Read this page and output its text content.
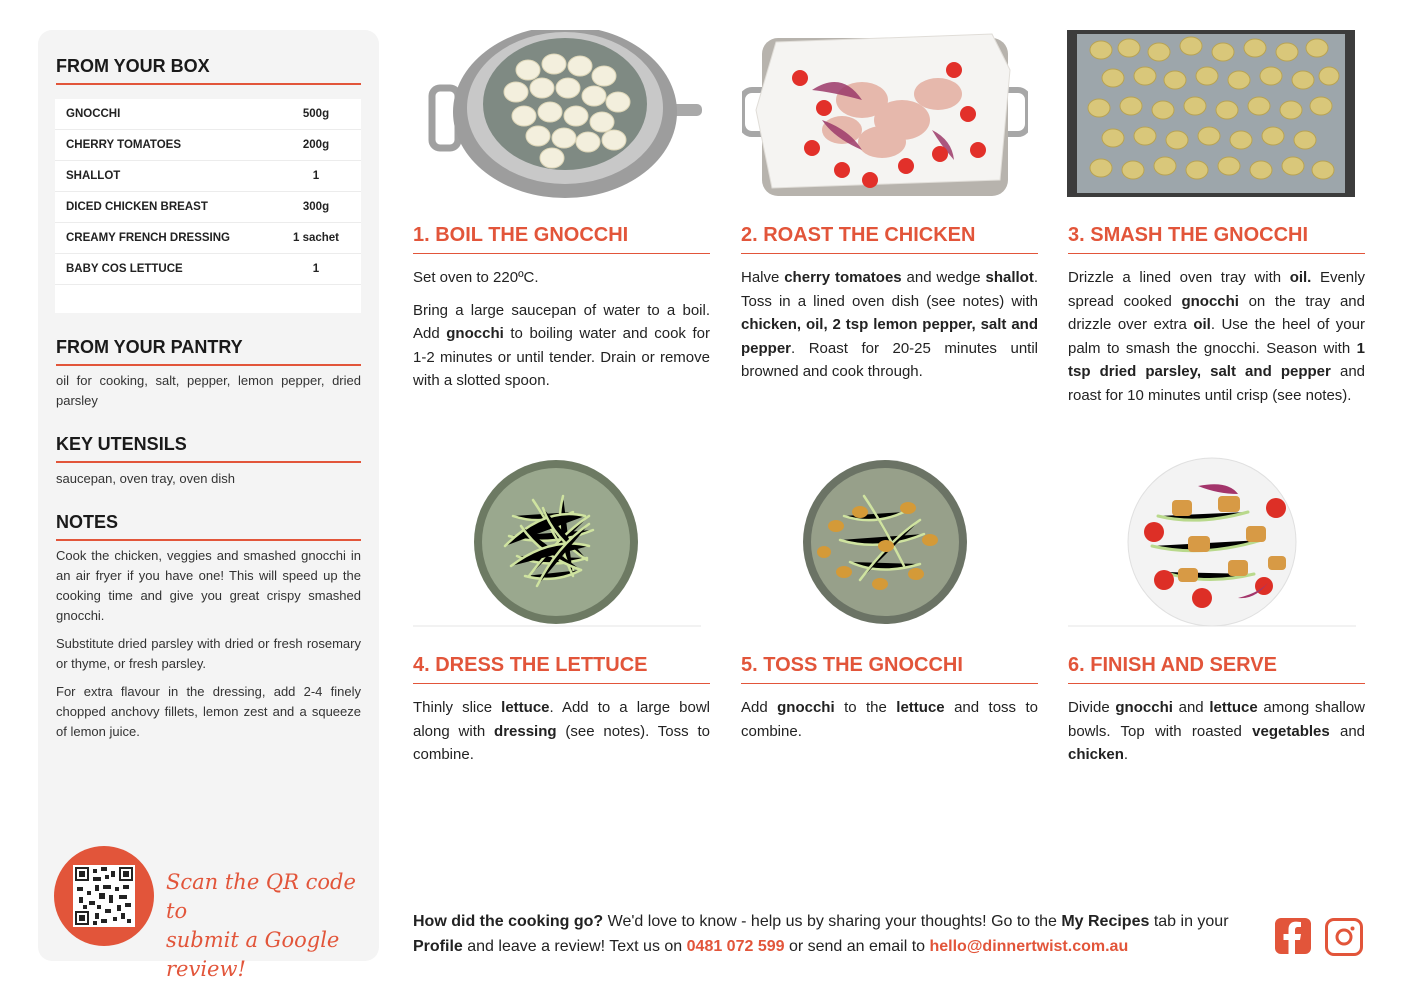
FROM YOUR BOX
GNOCCHI	500g
CHERRY TOMATOES	200g
SHALLOT	1
DICED CHICKEN BREAST	300g
CREAMY FRENCH DRESSING	1 sachet
BABY COS LETTUCE	1
FROM YOUR PANTRY
oil for cooking, salt, pepper, lemon pepper, dried parsley
KEY UTENSILS
saucepan, oven tray, oven dish
NOTES

Cook the chicken, veggies and smashed gnocchi in an air fryer if you have one! This will speed up the cooking time and give you great crispy smashed gnocchi.

Substitute dried parsley with dried or fresh rosemary or thyme, or fresh parsley.

For extra flavour in the dressing, add 2-4 finely chopped anchovy fillets, lemon zest and a squeeze of lemon juice.

Scan the QR code to
submit a Google review!
1. BOIL THE GNOCCHI	2. ROAST THE CHICKEN	3. SMASH THE GNOCCHI
4. DRESS THE LETTUCE	5. TOSS THE GNOCCHI	6. FINISH AND SERVE

Set oven to 220ºC.

Bring a large saucepan of water to a boil. Add gnocchi to boiling water and cook for 1-2 minutes or until tender. Drain or remove with a slotted spoon.

Halve cherry tomatoes and wedge shallot. Toss in a lined oven dish (see notes) with chicken, oil, 2 tsp lemon pepper, salt and pepper. Roast for 20-25 minutes until browned and cook through.

Drizzle a lined oven tray with oil. Evenly spread cooked gnocchi on the tray and drizzle over extra oil. Use the heel of your palm to smash the gnocchi. Season with 1 tsp dried parsley, salt and pepper and roast for 10 minutes until crisp (see notes).

Thinly slice lettuce. Add to a large bowl along with dressing (see notes). Toss to combine.

Add gnocchi to the lettuce and toss to combine.

Divide gnocchi and lettuce among shallow bowls. Top with roasted vegetables and chicken.

How did the cooking go? We'd love to know - help us by sharing your thoughts! Go to the My Recipes tab in your Profile and leave a review! Text us on 0481 072 599 or send an email to hello@dinnertwist.com.au
